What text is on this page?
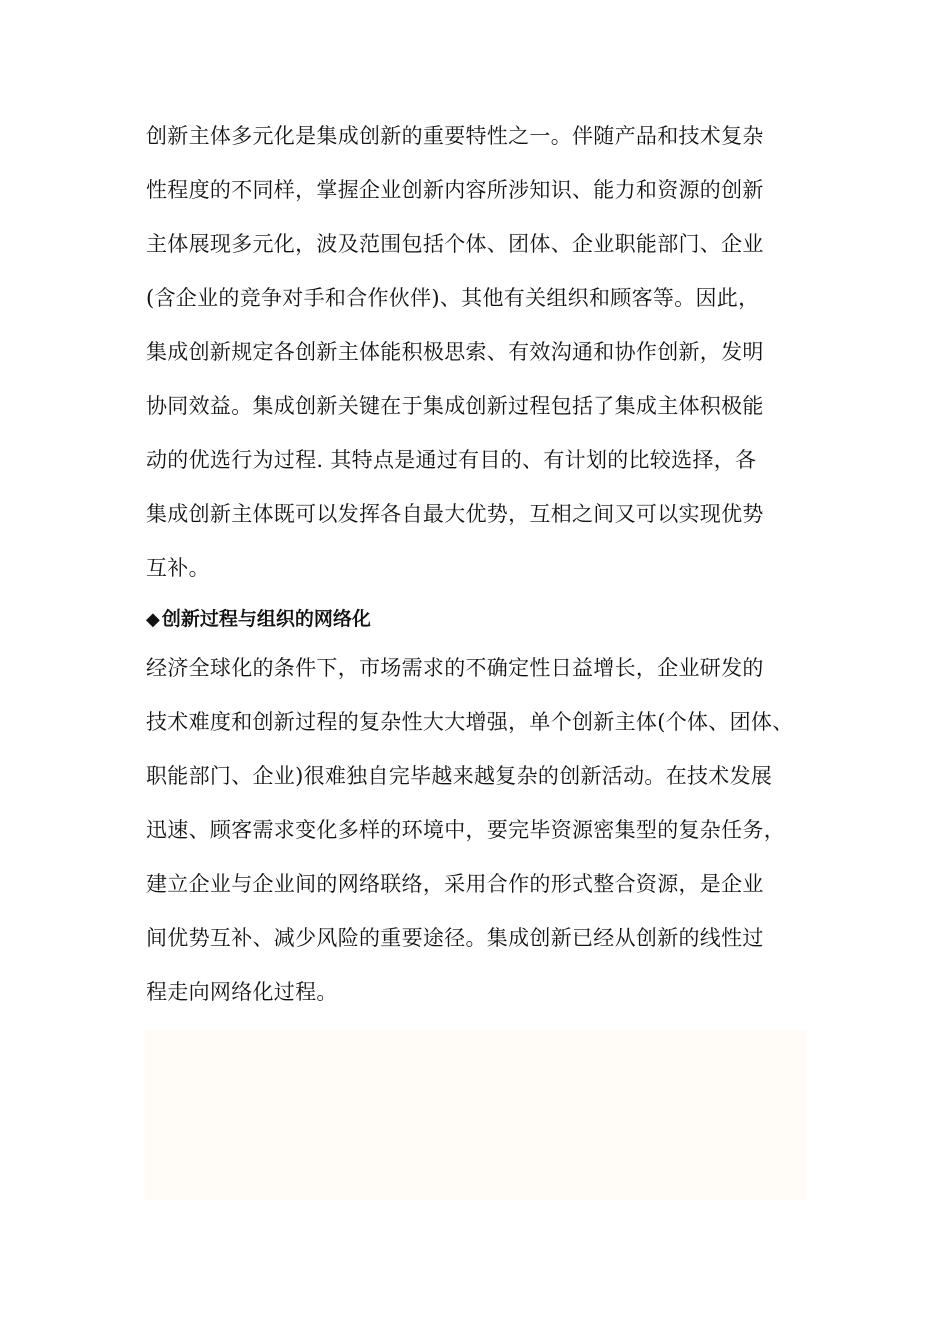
创新主体多元化是集成创新的重要特性之一。伴随产品和技术复杂
性程度的不同样，掌握企业创新内容所涉知识、能力和资源的创新
主体展现多元化，波及范围包括个体、团体、企业职能部门、企业
(含企业的竞争对手和合作伙伴)、其他有关组织和顾客等。因此，
集成创新规定各创新主体能积极思索、有效沟通和协作创新，发明
协同效益。集成创新关键在于集成创新过程包括了集成主体积极能
动的优选行为过程. 其特点是通过有目的、有计划的比较选择，各
集成创新主体既可以发挥各自最大优势，互相之间又可以实现优势
互补。
◆ 创新过程与组织的网络化
经济全球化的条件下，市场需求的不确定性日益增长，企业研发的
技术难度和创新过程的复杂性大大增强，单个创新主体(个体、团体、
职能部门、企业)很难独自完毕越来越复杂的创新活动。在技术发展
迅速、顾客需求变化多样的环境中，要完毕资源密集型的复杂任务，
建立企业与企业间的网络联络，采用合作的形式整合资源，是企业
间优势互补、减少风险的重要途径。集成创新已经从创新的线性过
程走向网络化过程。
